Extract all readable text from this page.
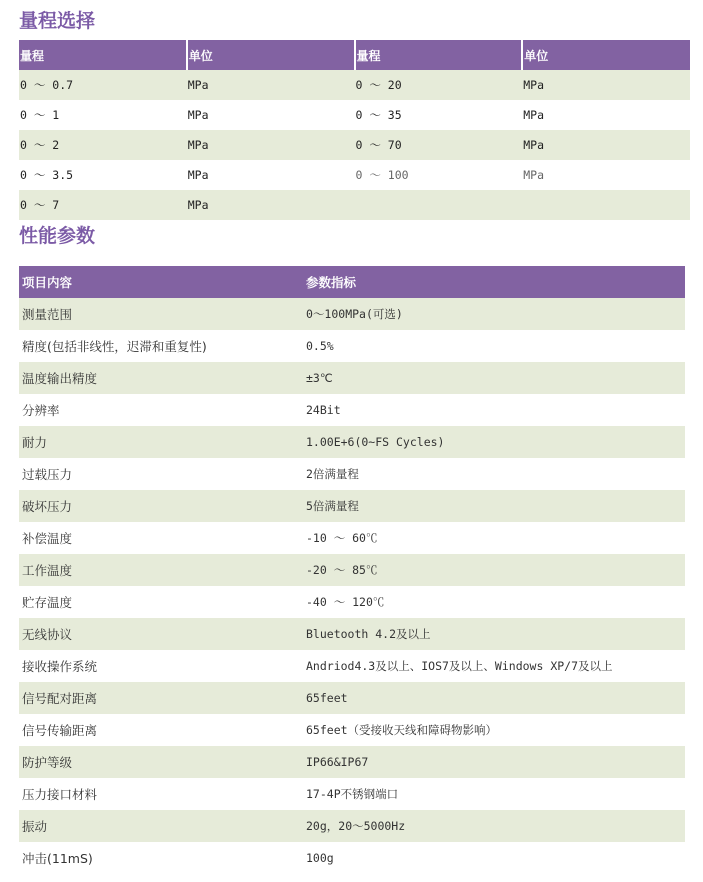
量程选择
量程	单位	量程	单位
0 ～ 0.7	MPa	0 ～ 20	MPa
0 ～ 1	MPa	0 ～ 35	MPa
0 ～ 2	MPa	0 ～ 70	MPa
0 ～ 3.5	MPa	0 ～ 100	MPa
0 ～ 7	MPa		
性能参数
项目内容	参数指标
测量范围	0～100MPa(可选)
精度(包括非线性，迟滞和重复性)	0.5%
温度输出精度	±3℃
分辨率	24Bit
耐力	1.00E+6(0~FS Cycles)
过载压力	2倍满量程
破坏压力	5倍满量程
补偿温度	-10 ～ 60℃
工作温度	-20 ～ 85℃
贮存温度	-40 ～ 120℃
无线协议	Bluetooth 4.2及以上
接收操作系统	Andriod4.3及以上、IOS7及以上、Windows XP/7及以上
信号配对距离	65feet
信号传输距离	65feet（受接收天线和障碍物影响）
防护等级	IP66&IP67
压力接口材料	17-4P不锈钢端口
振动	20g，20～5000Hz
冲击(11mS)	100g
